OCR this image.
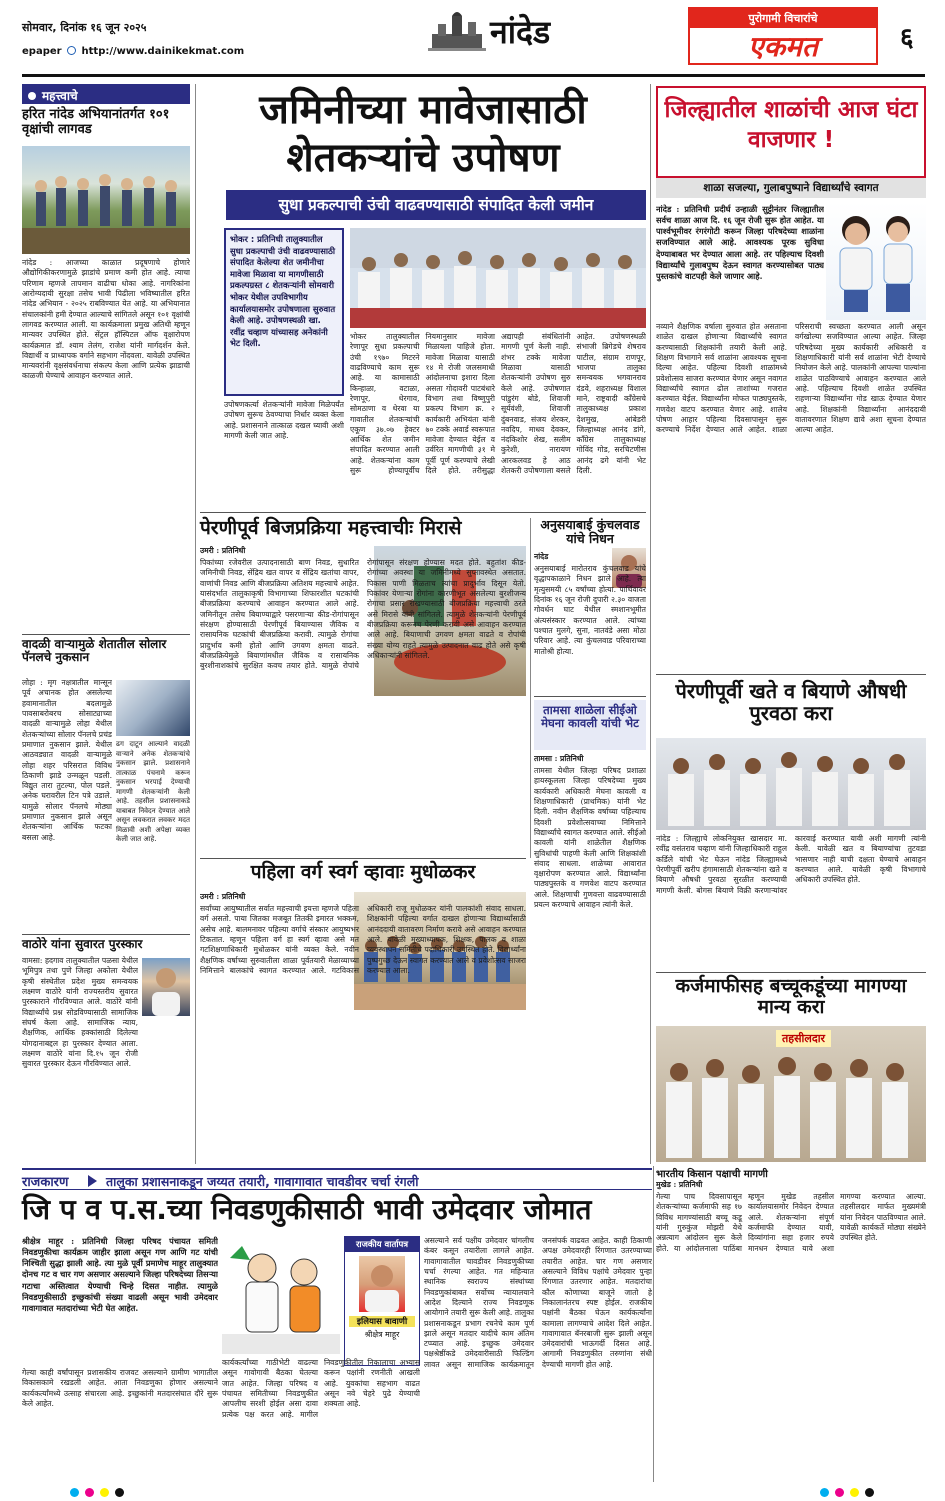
सोमवार, दिनांक १६ जून २०२५
epaper http://www.dainikekmat.com
नांदेड	पुरोगामी विचारांचे
एकमत	६
महत्त्वाचे
हरित नांदेड अभियानांतर्गत १०१ वृक्षांची लागवड
नांदेड : आजच्या काळात प्रदूषणाचे होणारे औद्योगिकीकरणामुळे झाडांचे प्रमाण कमी होत आहे. त्याचा परिणाम म्हणजे तापमान वाढीचा धोका आहे. नागरिकांना आरोग्यदायी सुरक्षा तसेच भावी पिढीला भविष्यातील हरित नांदेड अभियान - २०२५ राबविण्यात येत आहे. या अभियानात संचालकांनी हमी देण्यात आल्याचे सांगितले असून १०१ वृक्षांची लागवड करण्यात आली. या कार्यक्रमाला प्रमुख अतिथी म्हणून मान्यवर उपस्थित होते. सेंट्रल हॉस्पिटल ऑफ वृक्षारोपण कार्यक्रमात डॉ. श्याम तेलंग, राजेश यांनी मार्गदर्शन केले. विद्यार्थी व प्राध्यापक वर्गाने सहभाग नोंदवला. यावेळी उपस्थित मान्यवरांनी वृक्षसंवर्धनाचा संकल्प केला आणि प्रत्येक झाडाची काळजी घेण्याचे आवाहन करण्यात आले.
वादळी वाऱ्यामुळे शेतातील सोलार पॅनलचे नुकसान
लोहा : मृग नक्षत्रातील मान्सून पूर्व अचानक होत असलेल्या हवामानातील बदलामुळे पावसाबरोबरच सोसाट्याच्या वादळी वाऱ्यामुळे लोहा येथील शेतकऱ्यांच्या सोलार पॅनलचे प्रचंड प्रमाणात नुकसान झाले. येथील आठवड्यात वादळी वाऱ्यामुळे लोहा शहर परिसरात विविध ठिकाणी झाडे उन्मळून पडली. विद्युत तारा तुटल्या, पोल पडले. अनेक घरावरील टिन पत्रे उडाले. यामुळे सोलार पॅनलचे मोठ्या प्रमाणात नुकसान झाले असून शेतकऱ्यांना आर्थिक फटका बसला आहे.
ढग दाटून आल्याने वादळी वाऱ्याने अनेक शेतकऱ्यांचे नुकसान झाले. प्रशासनाने तात्काळ पंचनामे करून नुकसान भरपाई देण्याची मागणी शेतकऱ्यांनी केली आहे. तहसील प्रशासनाकडे याबाबत निवेदन देण्यात आले असून लवकरात लवकर मदत मिळावी अशी अपेक्षा व्यक्त केली जात आहे.
वाठोरे यांना सुवारत पुरस्कार
वामसा: हदगाव तालुक्यातील पळसा येथील भूमिपुत्र तथा पुणे जिल्हा अकोला येथील कृषी संस्थेतील प्रदेश मुख्य समन्वयक लक्ष्मण वाठोरे यांनी राज्यस्तरीय सुवारत पुरस्काराने गौरविण्यात आले. वाठोरे यांनी विद्यार्थ्यांचे प्रश्न सोडविण्यासाठी सामाजिक संघर्ष केला आहे. सामाजिक न्याय, शैक्षणिक, आर्थिक हक्कांसाठी दिलेल्या योगदानाबद्दल हा पुरस्कार देण्यात आला. लक्ष्मण वाठोरे यांना दि.१५ जून रोजी सुवारत पुरस्कार देऊन गौरविण्यात आले.
जमिनीच्या मावेजासाठी शेतकऱ्यांचे उपोषण
सुधा प्रकल्पाची उंची वाढवण्यासाठी संपादित केली जमीन
भोकर : प्रतिनिधी तालुक्यातील सुधा प्रकल्पाची उंची वाढवण्यासाठी संपादित केलेल्या शेत जमीनीचा मावेजा मिळावा या मागणीसाठी प्रकल्पग्रस्त ८ शेतकऱ्यांनी सोमवारी भोकर येथील उपविभागीय कार्यालयासमोर उपोषणाला सुरुवात केली आहे. उपोषणस्थळी खा. रवींद्र चव्हाण यांच्यासह अनेकांनी भेट दिली.
भोकर तालुक्यातील रेणापूर सुधा प्रकल्पाची उंची १९७० मिटरने वाढविण्याचे काम सुरू आहे. या कामासाठी किन्हाळा, वटाळा, रेणापूर, थेरगाव, सोमठाणा व थेरवा या गावातील शेतकऱ्यांची एकूण ३७.०७ हेक्टर आर्थिक शेत जमीन संपादित करण्यात आली आहे. शेतकऱ्यांना काम सुरू होण्यापूर्वीच नियमानुसार मावेजा मिळायला पाहिजे होता. मावेजा मिळावा यासाठी १४ मे रोजी जलसमाधी आंदोलनाचा इशारा दिला असता गोदावरी पाटबंधारे विभाग तथा विष्णुपुरी प्रकल्प विभाग क्र. २ कार्यकारी अभियंता यांनी ७० टक्के अवार्ड स्वरूपात मावेजा देण्यात येईल व उर्वरित मागणीची ३१ मे पूर्वी पूर्ण करण्याचे लेखी दिले होते. तरीसुद्धा अद्यापही संबंधितांनी मागणी पूर्ण केली नाही. शंभर टक्के मावेजा मिळावा यासाठी शेतकऱ्यांनी उपोषण सुरु केले आहे. उपोषणात पांडुरंग बोडे, शिवाजी सूर्यवंशी, शिवाजी दुंबनवाड, संजय शेरकर, नवदिप, माधव देवकर, नंदकिशोर शेख, सलीम कुरेशी, नारायण आरकलवड हे आठ शेतकरी उपोषणाला बसले आहेत. उपोषणस्थळी संभाजी ब्रिगेडचे शेषराव पाटील, संग्राम राणपूर, भाजपा तालुका समन्वयक भगवानराव दंडवे, शहराध्यक्ष विशाल माने, राष्ट्रवादी काँग्रेसचे तालुकाध्यक्ष प्रकाश देशमुख, आंबेडरी जिल्हाध्यक्ष आनंद डांगे, काँग्रेस तालुकाध्यक्ष गोविंद गोड, सरचिटणीस आनंद ढगे यांनी भेट दिली.
उपोषणकर्त्या शेतकऱ्यांनी मावेजा मिळेपर्यंत उपोषण सुरूच ठेवण्याचा निर्धार व्यक्त केला आहे. प्रशासनाने तात्काळ दखल घ्यावी अशी मागणी केली जात आहे.
पेरणीपूर्व बिजप्रक्रिया महत्त्वाचीः मिरासे
उमरी : प्रतिनिधी
पिकांच्या रजेवरील उत्पादनासाठी बाण निवड, सुधारित जमिनीची निवड, सेंद्रिय खत वापर व सेंद्रिय खतांचा वापर, वाणांची निवड आणि बीजप्रक्रिया अतिशय महत्त्वाचे आहेत. यासंदर्भात तालुकाकृषी विभागाच्या शिफारशीत घटकांची बीजप्रक्रिया करण्याचे आवाहन करण्यात आले आहे. जमिनीतून तसेच बियाण्याद्वारे पसरणाऱ्या कीड-रोगांपासून संरक्षण होण्यासाठी पेरणीपूर्व बियाण्यास जैविक व रासायनिक घटकांची बीजप्रक्रिया करावी. त्यामुळे रोगांचा प्रादुर्भाव कमी होतो आणि उगवण क्षमता वाढते. बीजप्रक्रियेमुळे बियाणांमधील जैविक व रासायनिक बुरशीनाशकांचे सुरक्षित कवच तयार होते. यामुळे रोपांचे रोगांपासून संरक्षण होण्यास मदत होते. बहुतांश कीड-रोगांच्या अवस्था या जमिनीमध्ये सुप्तावस्थेत असतात. पिकास पाणी मिळताच त्यांचा प्रादुर्भाव दिसून येतो. पिकांवर येणाऱ्या रोगांना कारणीभूत असलेल्या बुरशीजन्य रोगाचा प्रसार रोखण्यासाठी बीजप्रक्रिया महत्त्वाची ठरते असे मिरासे यांनी सांगितले. त्यामुळे शेतकऱ्यांनी पेरणीपूर्व बीजप्रक्रिया करूनच पेरणी करावी असे आवाहन करण्यात आले आहे. बियाणाची उगवण क्षमता वाढते व रोपांची संख्या योग्य राहते त्यामुळे उत्पादनात वाढ होते असे कृषी अधिकाऱ्यांनी सांगितले.
अनुसयाबाई कुंचलवाड यांचे निधन
नांदेड
अनुसयाबाई मारोतराव कुंचलवाड यांचे वृद्धापकाळाने निधन झाले आहे. त्या मृत्युसमयी ८५ वर्षांच्या होत्या. पार्थिवावर दिनांक १६ जून रोजी दुपारी २.३० वाजता गोवर्धन घाट येथील स्मशानभूमीत अंत्यसंस्कार करण्यात आले. त्यांच्या पश्चात मुलगे, सुना, नातवंडे असा मोठा परिवार आहे. त्या कुंचलवाड परिवाराच्या मातोश्री होत्या.
तामसा शाळेला सीईओ मेघना कावली यांची भेट
तामसा : प्रतिनिधी
तामसा येथील जिल्हा परिषद प्रशाळा हायस्कूलला जिल्हा परिषदेच्या मुख्य कार्यकारी अधिकारी मेघना कावली व शिक्षणाधिकारी (प्राथमिक) यांनी भेट दिली. नवीन शैक्षणिक वर्षाच्या पहिल्याच दिवशी प्रवेशोत्सवाच्या निमित्ताने विद्यार्थ्यांचे स्वागत करण्यात आले. सीईओ कावली यांनी शाळेतील शैक्षणिक सुविधांची पाहणी केली आणि शिक्षकांशी संवाद साधला. शाळेच्या आवारात वृक्षारोपण करण्यात आले. विद्यार्थ्यांना पाठ्यपुस्तके व गणवेश वाटप करण्यात आले. शिक्षणाची गुणवत्ता वाढवण्यासाठी प्रयत्न करण्याचे आवाहन त्यांनी केले.
पहिला वर्ग स्वर्ग व्हावाः मुधोळकर
उमरी : प्रतिनिधी
सर्वांच्या आयुष्यातील सर्वात महत्त्वाची इयत्ता म्हणजे पहिला वर्ग असतो. पाया जितका मजबूत तितकी इमारत भक्कम, असेच आहे. बालमनावर पहिल्या वर्गाचे संस्कार आयुष्यभर टिकतात. म्हणून पहिला वर्ग हा स्वर्ग व्हावा असे मत गटशिक्षणाधिकारी मुधोळकर यांनी व्यक्त केले. नवीन शैक्षणिक वर्षाच्या सुरुवातीला शाळा पूर्वतयारी मेळाव्याच्या निमित्ताने बालकांचे स्वागत करण्यात आले. गटविकास अधिकारी राजू मुधोळकर यांनी पालकांशी संवाद साधला. शिक्षकांनी पहिल्या वर्गात दाखल होणाऱ्या विद्यार्थ्यांसाठी आनंददायी वातावरण निर्माण करावे असे आवाहन करण्यात आले. यावेळी मुख्याध्यापक, शिक्षक, पालक व शाळा व्यवस्थापन समितीचे पदाधिकारी उपस्थित होते. विद्यार्थ्यांना पुष्पगुच्छ देऊन स्वागत करण्यात आले व प्रवेशोत्सव साजरा करण्यात आला.
जिल्ह्यातील शाळांची आज घंटा वाजणार !
शाळा सजल्या, गुलाबपुष्पाने विद्यार्थ्यांचे स्वागत
नांदेड : प्रतिनिधी प्रदीर्घ उन्हाळी सुट्टीनंतर जिल्ह्यातील सर्वच शाळा आज दि. १६ जून रोजी सुरू होत आहेत. या पार्श्वभूमीवर रंगरंगोटी करून जिल्हा परिषदेच्या शाळांना सजविण्यात आले आहे. आवश्यक पूरक सुविधा देण्याबाबत भर देण्यात आला आहे. तर पहिल्याच दिवशी विद्यार्थ्यांचे गुलाबपुष्प देऊन स्वागत करण्यासोबत पाठ्य पुस्तकांचे वाटपही केले जाणार आहे.
नव्याने शैक्षणिक वर्षाला सुरुवात होत असताना शाळेत दाखल होणाऱ्या विद्यार्थ्यांचे स्वागत करण्यासाठी शिक्षकांनी तयारी केली आहे. शिक्षण विभागाने सर्व शाळांना आवश्यक सूचना दिल्या आहेत. पहिल्या दिवशी शाळांमध्ये प्रवेशोत्सव साजरा करण्यात येणार असून नवागत विद्यार्थ्यांचे स्वागत ढोल ताशांच्या गजरात करण्यात येईल. विद्यार्थ्यांना मोफत पाठ्यपुस्तके, गणवेश वाटप करण्यात येणार आहे. शालेय पोषण आहार पहिल्या दिवसापासून सुरू करण्याचे निर्देश देण्यात आले आहेत. शाळा परिसराची स्वच्छता करण्यात आली असून वर्गखोल्या सजविण्यात आल्या आहेत. जिल्हा परिषदेच्या मुख्य कार्यकारी अधिकारी व शिक्षणाधिकारी यांनी सर्व शाळांना भेटी देण्याचे नियोजन केले आहे. पालकांनी आपल्या पाल्यांना शाळेत पाठविण्याचे आवाहन करण्यात आले आहे. पहिल्याच दिवशी शाळेत उपस्थित राहणाऱ्या विद्यार्थ्यांना गोड खाऊ देण्यात येणार आहे. शिक्षकांनी विद्यार्थ्यांना आनंददायी वातावरणात शिक्षण द्यावे अशा सूचना देण्यात आल्या आहेत.
पेरणीपूर्वी खते व बियाणे औषधी पुरवठा करा
नांदेड : जिल्ह्याचे लोकनियुक्त खासदार मा. रवींद्र वसंतराव चव्हाण यांनी जिल्हाधिकारी राहुल कर्डिले यांची भेट घेऊन नांदेड जिल्ह्यामध्ये पेरणीपूर्वी खरीप हंगामासाठी शेतकऱ्यांना खते व बियाणे औषधी पुरवठा सुरळीत करण्याची मागणी केली. बोगस बियाणे विक्री करणाऱ्यांवर कारवाई करण्यात यावी अशी मागणी त्यांनी केली. यावेळी खत व बियाण्यांचा तुटवडा भासणार नाही याची दक्षता घेण्याचे आवाहन करण्यात आले. यावेळी कृषी विभागाचे अधिकारी उपस्थित होते.
कर्जमाफीसह बच्चूकडूंच्या मागण्या मान्य करा
तहसीलदार
राजकारण	तालुका प्रशासनाकडून जय्यत तयारी, गावागावात चावडीवर चर्चा रंगली
जि प व प.स.च्या निवडणुकीसाठी भावी उमेदवार जोमात
श्रीक्षेत्र माहूर : प्रतिनिधी जिल्हा परिषद पंचायत समिती निवडणुकीचा कार्यक्रम जाहीर झाला असून गण आणि गट यांची निश्चिती सुद्धा झाली आहे. त्या मुळे पूर्वी प्रमाणेच माहूर तालुक्यात दोनच गट व चार गण असणार असल्याने जिल्हा परिषदेच्या तिसऱ्या गटाचा अस्तित्वात येण्याची चिन्हे दिसत नाहीत. त्यामुळे निवडणुकीसाठी इच्छुकांची संख्या वाढली असून भावी उमेदवार गावागावात मतदारांच्या भेटी घेत आहेत.
राजकीय वार्तापत्र
इलियास बावाणी
श्रीक्षेत्र माहूर
असल्याने सर्व पक्षीय उमेदवार चांगलीच कंबर कसून तयारीला लागले आहेत. गावागावातील चावडीवर निवडणुकीच्या चर्चा रंगल्या आहेत. गत महिन्यात स्थानिक स्वराज्य संस्थांच्या निवडणुकांबाबत सर्वोच्च न्यायालयाने आदेश दिल्याने राज्य निवडणूक आयोगाने तयारी सुरू केली आहे. तालुका प्रशासनाकडून प्रभाग रचनेचे काम पूर्ण झाले असून मतदार यादीचे काम अंतिम टप्प्यात आहे. इच्छुक उमेदवार पक्षश्रेष्ठींकडे उमेदवारीसाठी फिल्डिंग लावत असून सामाजिक कार्यक्रमातून जनसंपर्क वाढवत आहेत. काही ठिकाणी अपक्ष उमेदवारही रिंगणात उतरण्याच्या तयारीत आहेत. चार गण असणार असल्याने विविध पक्षांचे उमेदवार पुन्हा रिंगणात उतरणार आहेत. मतदारांचा कौल कोणाच्या बाजूने जातो हे निकालानंतरच स्पष्ट होईल. राजकीय पक्षांनी बैठका घेऊन कार्यकर्त्यांना कामाला लागण्याचे आदेश दिले आहेत. गावागावात बॅनरबाजी सुरू झाली असून उमेदवारांची भाऊगर्दी दिसत आहे. आगामी निवडणुकीत तरुणांना संधी देण्याची मागणी होत आहे.
कार्यकर्त्यांच्या गाठीभेटी वाढल्या असून गावोगावी बैठका घेतल्या जात आहेत. जिल्हा परिषद व पंचायत समितीच्या निवडणुकीत आपलीच सरशी होईल असा दावा प्रत्येक पक्ष करत आहे. मागील निवडणुकीतील निकालाचा अभ्यास करून पक्षांनी रणनीती आखली आहे. युवकांचा सहभाग वाढत असून नवे चेहरे पुढे येण्याची शक्यता आहे.
गेल्या काही वर्षांपासून प्रशासकीय राजवट असल्याने ग्रामीण भागातील विकासकामे रखडली आहेत. आता निवडणुका होणार असल्याने कार्यकर्त्यांमध्ये उत्साह संचारला आहे. इच्छुकांनी मतदारसंघात दौरे सुरू केले आहेत.
भारतीय किसान पक्षाची मागणी
मुखेड : प्रतिनिधी
गेल्या पाच दिवसापासून शेतकऱ्यांच्या कर्जमाफी सह १७ विविध मागण्यांसाठी बच्चू कडू यांनी गुरुकुंज मोझरी येथे अन्नत्याग आंदोलन सुरू केले होते. या आंदोलनाला पाठिंबा म्हणून मुखेड तहसील कार्यालयासमोर निवेदन देण्यात आले. शेतकऱ्यांना संपूर्ण कर्जमाफी देण्यात यावी, दिव्यांगांना सहा हजार रुपये मानधन देण्यात यावे अशा मागण्या करण्यात आल्या. तहसीलदार मार्फत मुख्यमंत्री यांना निवेदन पाठविण्यात आले. यावेळी कार्यकर्ते मोठ्या संख्येने उपस्थित होते.
